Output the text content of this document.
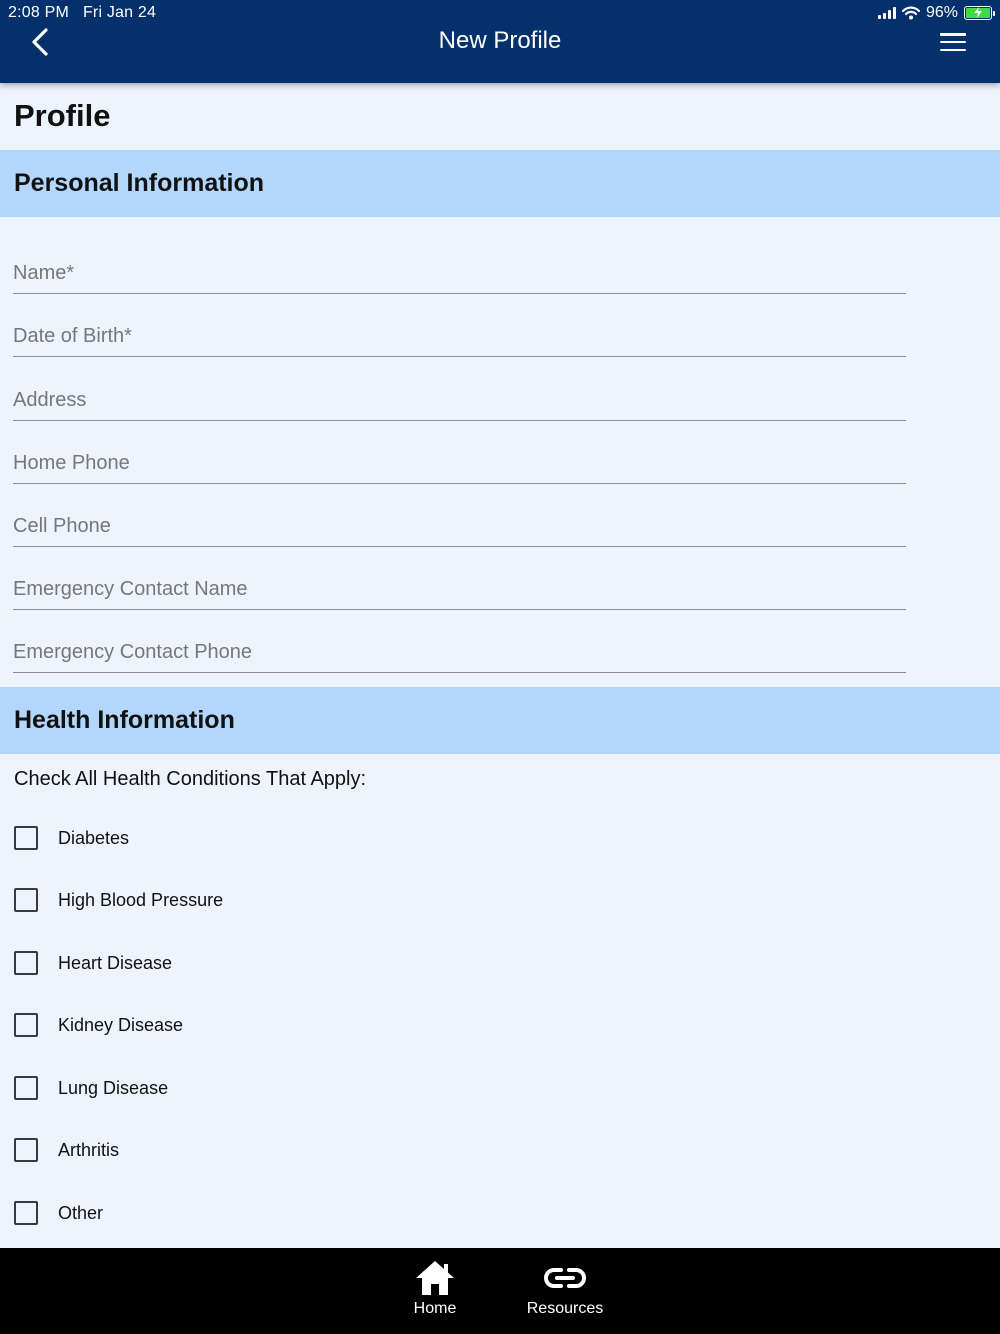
2:08 PM Fri Jan 24	96%
New Profile
Profile
Personal Information
Name*
Date of Birth*
Address
Home Phone
Cell Phone
Emergency Contact Name
Emergency Contact Phone
Health Information
Check All Health Conditions That Apply:
Diabetes
High Blood Pressure
Heart Disease
Kidney Disease
Lung Disease
Arthritis
Other
Home	Resources
